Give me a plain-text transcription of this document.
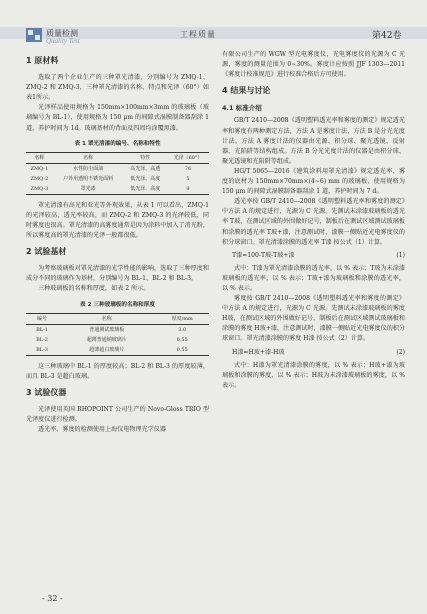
质量检测
Quality Test
工程质量	第42卷
1 原材料

选取了两个企业生产的三种罩光清漆，分别编号为 ZMQ-1、ZMQ-2 和 ZMQ-3，三种罩光清漆的名称、特点和光泽（60°）如表1所示。

光泽样品使用规格为 150mm×100mm×3mm 的玻璃板（玻璃编号为 BL-1），使用规格为 150 μm 的间隙式湿膜制备器刮涂 1 道，养护时间为 1d。玻璃基材的背面及四周均涂覆黑漆。

表 1 罩光清漆的编号、名称和特性
名称	名称	特性	光泽（60°）
ZMQ-1	水性防尘面油	高光泽、高透	76
ZMQ-2	户外用透明不锈光面料	低光泽、高度	5
ZMQ-3	罩光漆	低光泽、高度	9

罩光清漆有高光和亚光等外观效果，从表 1 可以看出，ZMQ-1 的光泽较高，透光率较高，而 ZMQ-2 和 ZMQ-3 的光泽较低，同时雾度也很高。罩光清漆的高雾度通常是因为涂料中加入了消光粉，所以雾度高的罩光清漆的光泽一般都很低。

2 试验基材

为考察玻璃板对罩光清漆的光学性能的影响，选取了三种厚度和成分不同的玻璃作为基材，分别编号为 BL-1、BL-2 和 BL-3。

三种玻璃板的名称和厚度，如表 2 所示。

表 2 三种玻璃板的名称和厚度
编号	名称	厚度/mm
BL-1	普通测试玻璃板	3.0
BL-2	超薄普通钠玻璃片	0.55
BL-3	超薄超白玻璃片	0.55

这三种玻璃中 BL-1 的厚度较高；BL-2 和 BL-3 的厚度较薄，而且 BL-3 是超白玻璃。

3 试验仪器

光泽使用英国 RHOPOINT 公司生产的 Novo-Gloss TRIO 型光泽度仪进行检测。

透光率、雾度的检测使用上海仪电物理光学仪器

有限公司生产的 WGW 型光电雾度仪，光电雾度仪的光源为 C 光源，雾度的测量范围为 0~30%。雾度计应按照 JJF 1303—2011《雾度计校准规范》进行校准合格后方可使用。

4 结果与讨论
4.1 标准介绍

GB/T 2410—2008《透明塑料透光率和雾度的测定》规定透光率和雾度有两种测定方法，方法 A 是雾度计法，方法 B 是分光光度计法。方法 A 雾度计法的仪器由光源、积分球、聚光透镜、反射器、光陷阱等结构组成。方法 B 分光光度计法的仪器是由积分球、聚光透镜和光陷阱等组成。

HG/T 5065—2016《建筑涂料用罩光清漆》规定透光率、雾度的底材为 150mm×70mm×(4~6) mm 的玻璃板，使用规格为 150 μm 的间隙式湿膜制备器刮涂 1 道，养护时间为 7 d。

透光率按 GB/T 2410—2008《透明塑料透光率和雾度的测定》中方法 A 的规定进行，光源为 C 光源。先测试未涂漆玻璃板的透光率 T玻，在测试区域的外围做好记号，制板后在测试区域测试玻璃板和涂膜的透光率 T玻+漆，注意测试时，漆膜一侧贴近光电雾度仪的积分球窗口。罩光清漆涂膜的透光率 T漆 按公式（1）计算。

T漆=100-T玻-T玻+漆	(1)

式中：T漆为罩光清漆涂膜的透光率，以 % 表示；T玻为未涂漆玻璃板的透光率，以 % 表示；T玻+漆为玻璃板和涂膜的透光率，以 % 表示。

雾度按 GB/T 2410—2008《透明塑料透光率和雾度的测定》中方法 A 的规定进行，光源为 C 光源。先测试未涂漆玻璃板的雾度 H玻，在测试区域的外围做好记号，制板后在测试区域测试玻璃板和涂膜的雾度 H玻+漆，注意测试时，漆膜一侧贴近光电雾度仪的积分球窗口。罩光清漆涂膜的雾度 H漆 按公式（2）计算。

H漆=H玻+漆-H玻	(2)

式中：H漆为罩光清漆涂膜的雾度，以 % 表示；H玻+漆为玻璃板和涂膜的雾度，以 % 表示；H玻为未涂漆玻璃板的雾度，以 % 表示。

- 32 -
